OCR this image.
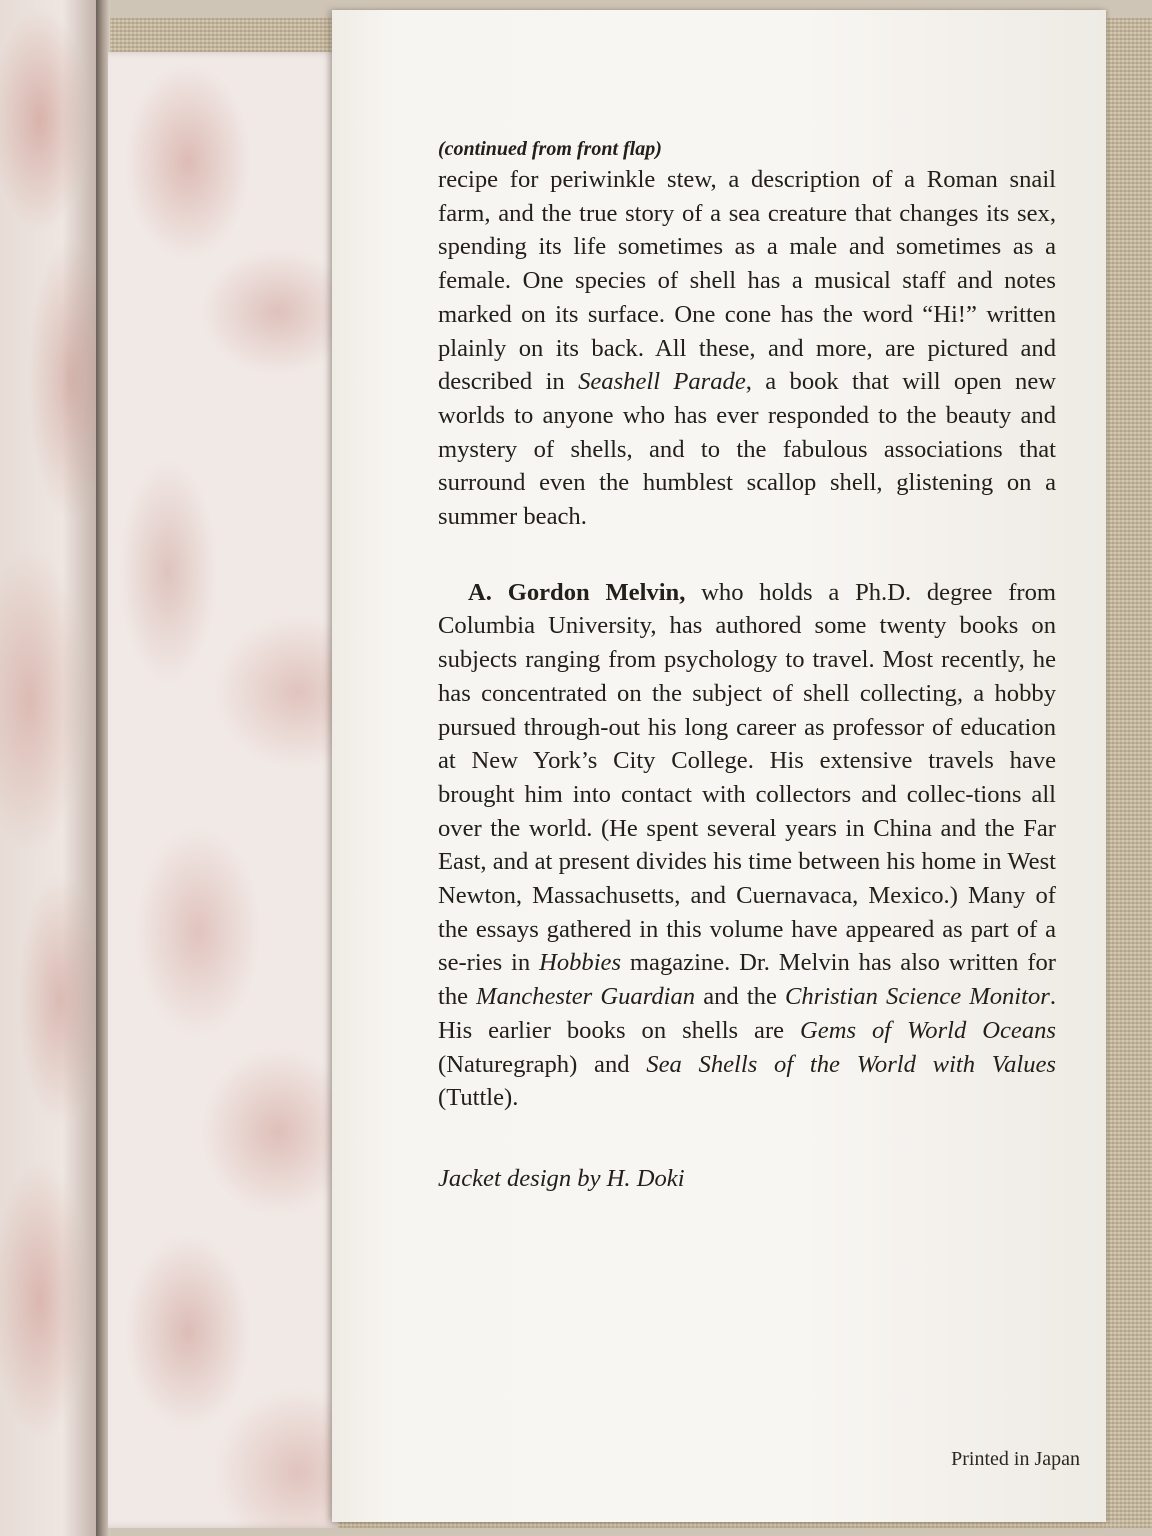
(continued from front flap)

recipe for periwinkle stew, a description of a Roman snail farm, and the true story of a sea creature that changes its sex, spending its life sometimes as a male and sometimes as a female. One species of shell has a musical staff and notes marked on its surface. One cone has the word “Hi!” written plainly on its back. All these, and more, are pictured and described in Seashell Parade, a book that will open new worlds to anyone who has ever responded to the beauty and mystery of shells, and to the fabulous associations that surround even the humblest scallop shell, glistening on a summer beach.

A. Gordon Melvin, who holds a Ph.D. degree from Columbia University, has authored some twenty books on subjects ranging from psychology to travel. Most recently, he has concentrated on the subject of shell collecting, a hobby pursued through-out his long career as professor of education at New York’s City College. His extensive travels have brought him into contact with collectors and collec-tions all over the world. (He spent several years in China and the Far East, and at present divides his time between his home in West Newton, Massachusetts, and Cuernavaca, Mexico.) Many of the essays gathered in this volume have appeared as part of a se-ries in Hobbies magazine. Dr. Melvin has also written for the Manchester Guardian and the Christian Science Monitor. His earlier books on shells are Gems of World Oceans (Naturegraph) and Sea Shells of the World with Values (Tuttle).

Jacket design by H. Doki
Printed in Japan
